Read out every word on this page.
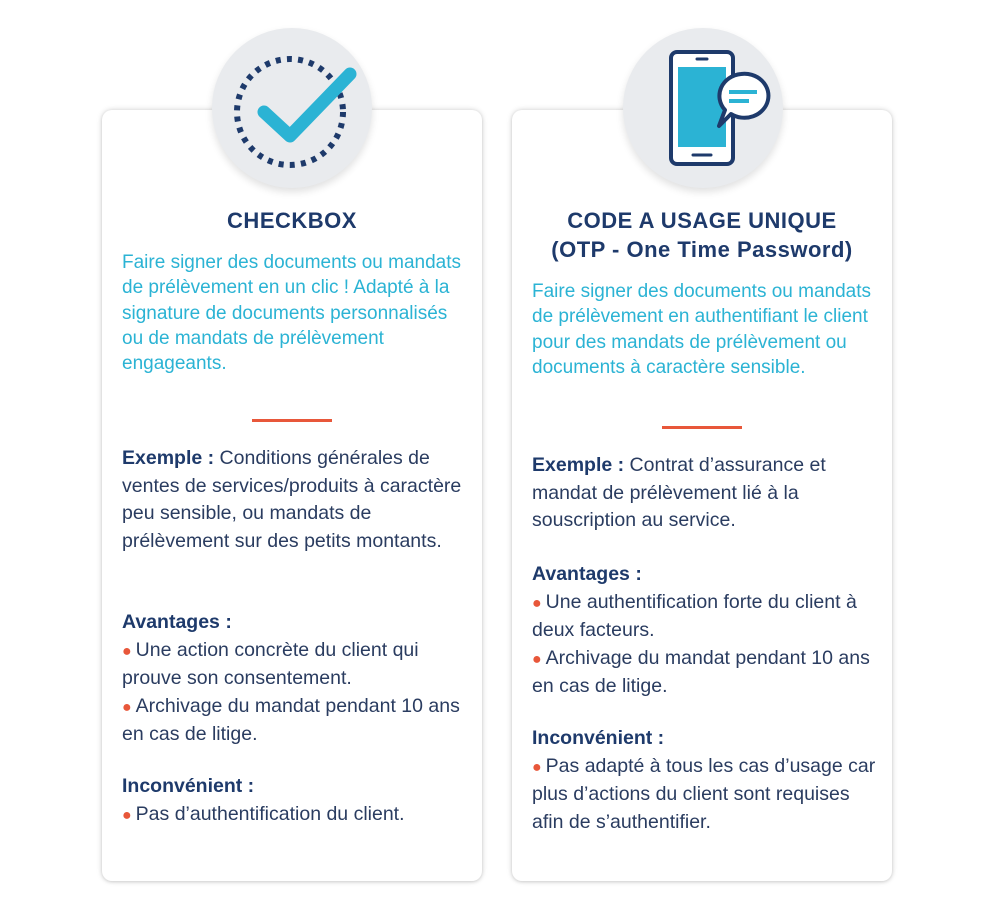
CHECKBOX
Faire signer des documents ou mandats de prélèvement en un clic ! Adapté à la signature de documents personnalisés ou de mandats de prélèvement engageants.

Exemple : Conditions générales de ventes de services/produits à caractère peu sensible, ou mandats de prélèvement sur des petits montants.

Avantages :

● Une action concrète du client qui prouve son consentement.

● Archivage du mandat pendant 10 ans en cas de litige.

Inconvénient :

● Pas d’authentification du client.

CODE A USAGE UNIQUE
(OTP - One Time Password)
Faire signer des documents ou mandats de prélèvement en authentifiant le client pour des mandats de prélèvement ou documents à caractère sensible.

Exemple : Contrat d’assurance et mandat de prélèvement lié à la souscription au service.

Avantages :

● Une authentification forte du client à deux facteurs.

● Archivage du mandat pendant 10 ans en cas de litige.

Inconvénient :

● Pas adapté à tous les cas d’usage car plus d’actions du client sont requises afin de s’authentifier.
